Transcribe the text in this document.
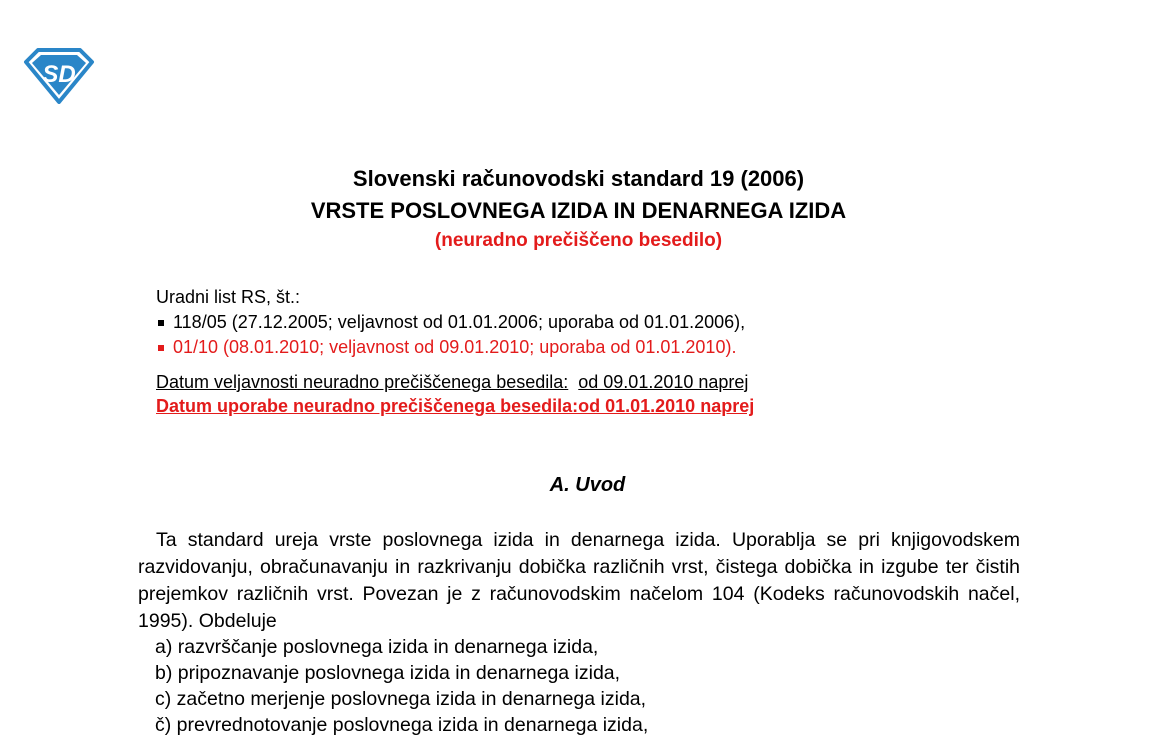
SD
Slovenski računovodski standard 19 (2006)
VRSTE POSLOVNEGA IZIDA IN DENARNEGA IZIDA
(neuradno prečiščeno besedilo)
Uradni list RS, št.:
118/05 (27.12.2005; veljavnost od 01.01.2006; uporaba od 01.01.2006),
01/10 (08.01.2010; veljavnost od 09.01.2010; uporaba od 01.01.2010).
Datum veljavnosti neuradno prečiščenega besedila: od 09.01.2010 naprej
Datum uporabe neuradno prečiščenega besedila:od 01.01.2010 naprej
A. Uvod

Ta standard ureja vrste poslovnega izida in denarnega izida. Uporablja se pri knjigovodskem razvidovanju, obračunavanju in razkrivanju dobička različnih vrst, čistega dobička in izgube ter čistih prejemkov različnih vrst. Povezan je z računovodskim načelom 104 (Kodeks računovodskih načel, 1995). Obdeluje

a) razvrščanje poslovnega izida in denarnega izida,
b) pripoznavanje poslovnega izida in denarnega izida,
c) začetno merjenje poslovnega izida in denarnega izida,
č) prevrednotovanje poslovnega izida in denarnega izida,
